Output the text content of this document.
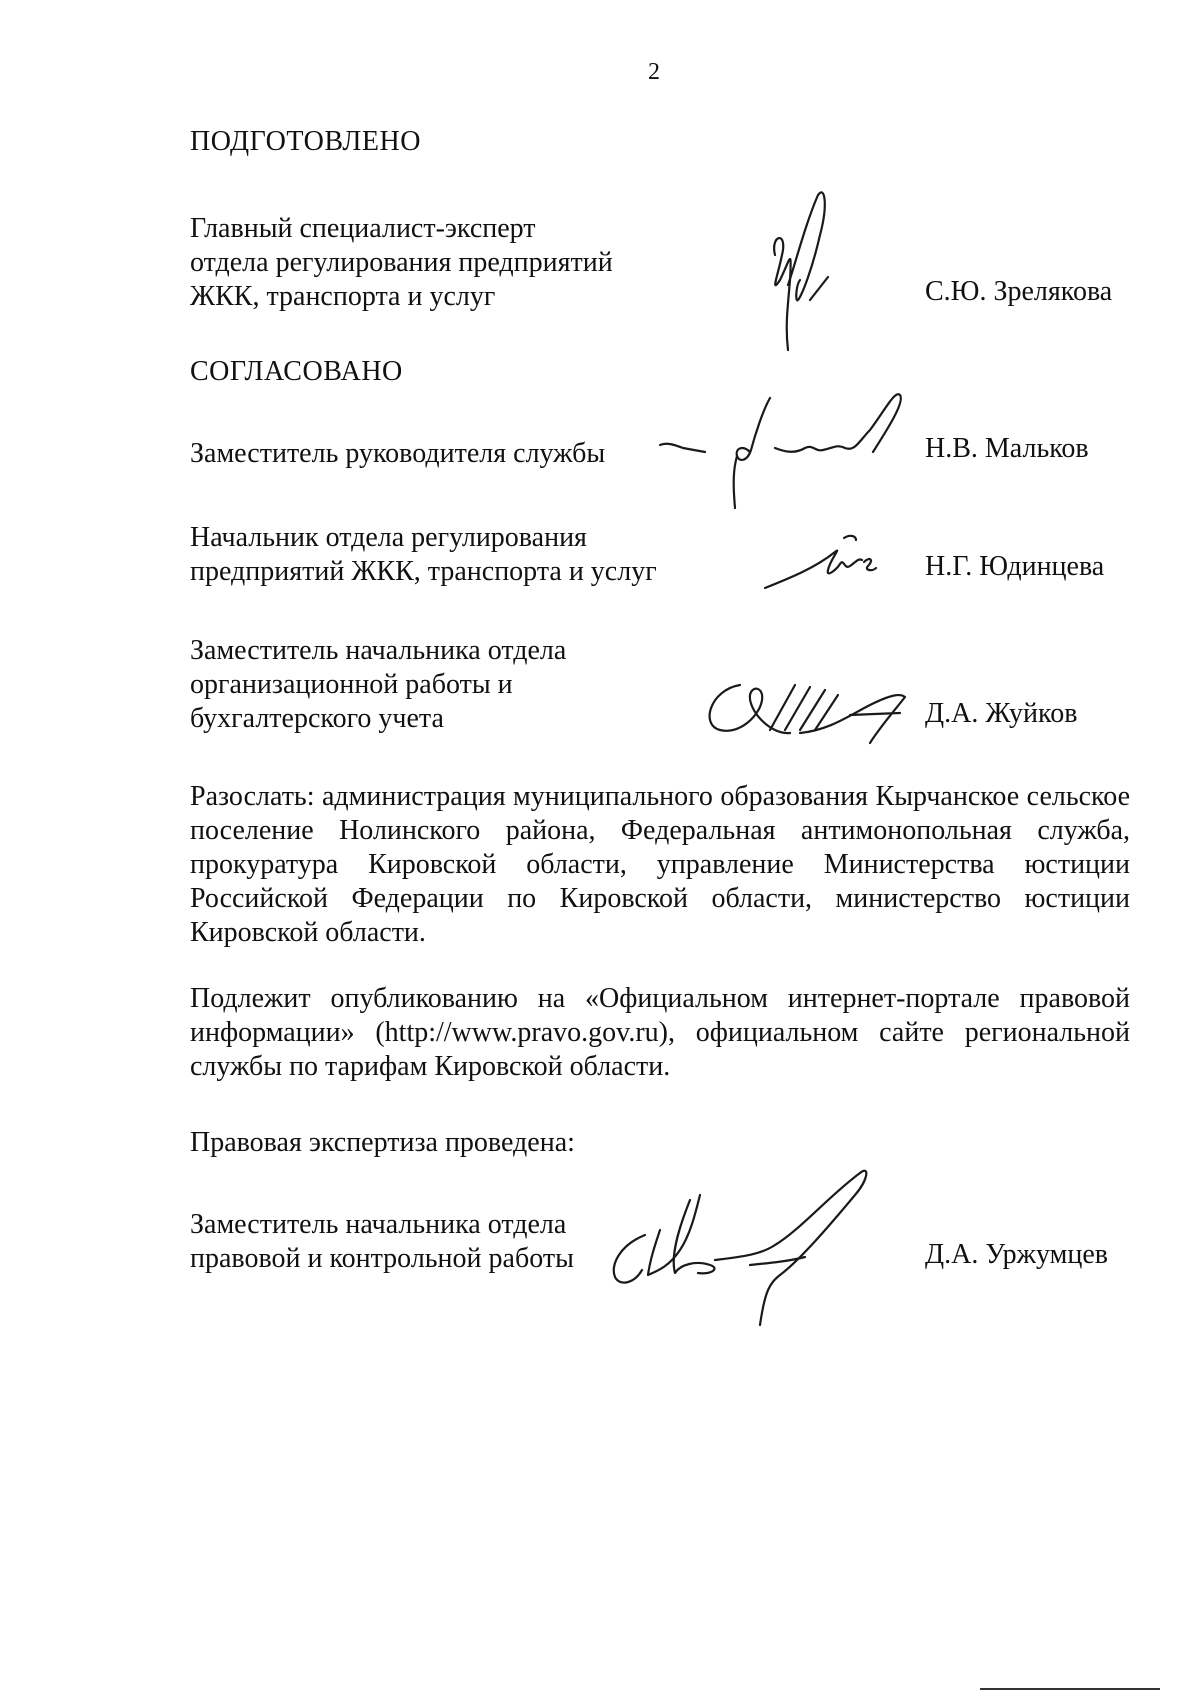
2
ПОДГОТОВЛЕНО
Главный специалист-эксперт
отдела регулирования предприятий
ЖКК, транспорта и услуг	С.Ю. Зрелякова
СОГЛАСОВАНО
Заместитель руководителя службы	Н.В. Мальков
Начальник отдела регулирования
предприятий ЖКК, транспорта и услуг	Н.Г. Юдинцева
Заместитель начальника отдела
организационной работы и
бухгалтерского учета	Д.А. Жуйков
Разослать: администрация муниципального образования Кырчанское сельское поселение Нолинского района, Федеральная антимонопольная служба, прокуратура Кировской области, управление Министерства юстиции Российской Федерации по Кировской области, министерство юстиции Кировской области.
Подлежит опубликованию на «Официальном интернет-портале правовой информации» (http://www.pravo.gov.ru), официальном сайте региональной службы по тарифам Кировской области.
Правовая экспертиза проведена:
Заместитель начальника отдела
правовой и контрольной работы	Д.А. Уржумцев
